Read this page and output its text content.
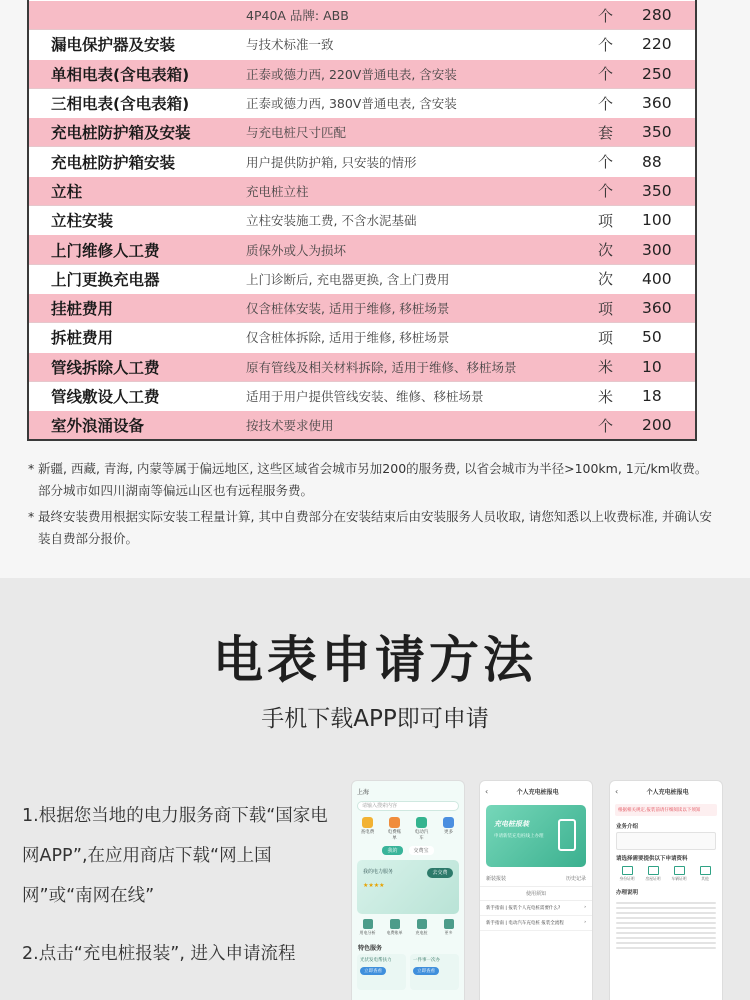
	4P40A 品牌: ABB	个	280
漏电保护器及安装	与技术标准一致	个	220
单相电表(含电表箱)	正泰或德力西, 220V普通电表, 含安装	个	250
三相电表(含电表箱)	正泰或德力西, 380V普通电表, 含安装	个	360
充电桩防护箱及安装	与充电桩尺寸匹配	套	350
充电桩防护箱安装	用户提供防护箱, 只安装的情形	个	88
立柱	充电桩立柱	个	350
立柱安装	立柱安装施工费, 不含水泥基础	项	100
上门维修人工费	质保外或人为损坏	次	300
上门更换充电器	上门诊断后, 充电器更换, 含上门费用	次	400
挂桩费用	仅含桩体安装, 适用于维修, 移桩场景	项	360
拆桩费用	仅含桩体拆除, 适用于维修, 移桩场景	项	50
管线拆除人工费	原有管线及相关材料拆除, 适用于维修、移桩场景	米	10
管线敷设人工费	适用于用户提供管线安装、维修、移桩场景	米	18
室外浪涌设备	按技术要求使用	个	200
* 新疆, 西藏, 青海, 内蒙等属于偏远地区, 这些区域省会城市另加200的服务费, 以省会城市为半径>100km, 1元/km收费。部分城市如四川湖南等偏远山区也有远程服务费。
* 最终安装费用根据实际安装工程量计算, 其中自费部分在安装结束后由安装服务人员收取, 请您知悉以上收费标准, 并确认安装自费部分报价。
电表申请方法
手机下载APP即可申请
1.根据您当地的电力服务商下载“国家电网APP”,在应用商店下载“网上国网”或“南网在线”
2.点击“充电桩报装”, 进入申请流程
上海
请输入搜索内容
查电费	电费账单
电动汽车
更多
我的	交费宝
我的电力服务
★★★★
去交费
用电分析	电费账单	充电桩	更多
特色服务
光伏发电帮扶力
立即查看
一件事一次办
立即查看
‹	个人充电桩报电
充电桩报装
申请新装充电桩线上办理
新装报装	历史记录
使用须知
新手指南 | 报装个人充电桩需要什么?	›
新手指南 | 电动汽车充电桩 报装全流程	›
‹	个人充电桩报电
根据相关规定,报装前请仔细阅读以下须知
业务介绍
请选择需要提供以下申请资料
身份证明	房屋证明	车辆证明	其他
办理说明
